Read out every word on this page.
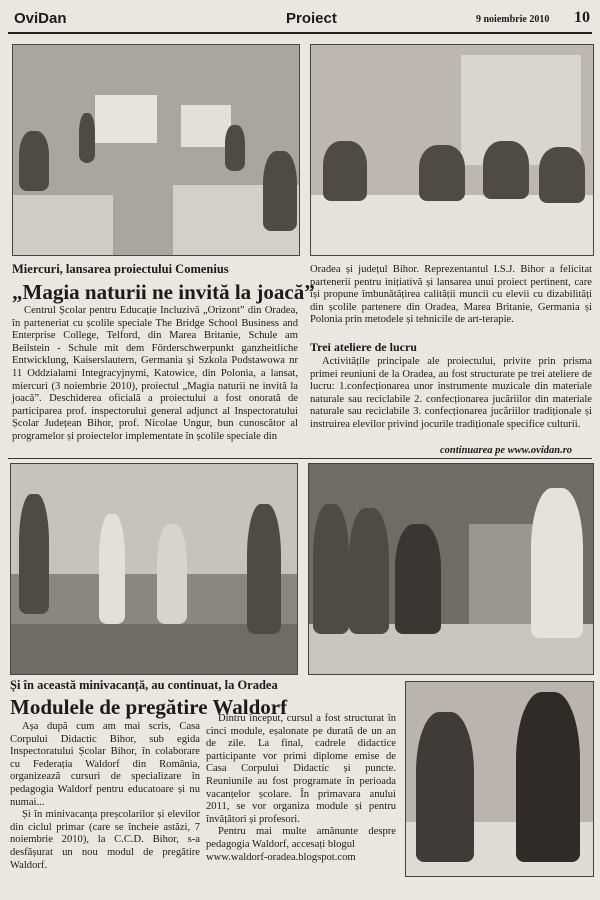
OviDan	Proiect	9 noiembrie 2010 10
Miercuri, lansarea proiectului Comenius
„Magia naturii ne invită la joacă”

Centrul Școlar pentru Educație Incluzivă „Orizont” din Oradea, în parteneriat cu școlile speciale The Bridge School Business and Enterprise College, Telford, din Marea Britanie, Schule am Beilstein - Schule mit dem Förderschwerpunkt ganzheitliche Entwicklung, Kaiserslautern, Germania și Szkola Podstawowa nr 11 Oddzialami Integracyjnymi, Katowice, din Polonia, a lansat, miercuri (3 noiembrie 2010), proiectul „Magia naturii ne invită la joacă”. Deschiderea oficială a proiectului a fost onorată de participarea prof. inspectorului general adjunct al Inspectoratului Școlar Județean Bihor, prof. Nicolae Ungur, bun cunoscător al programelor și proiectelor implementate în școlile speciale din

Oradea și județul Bihor. Reprezentantul I.S.J. Bihor a felicitat partenerii pentru inițiativă și lansarea unui proiect pertinent, care își propune îmbunătățirea calității muncii cu elevii cu dizabilități din școlile partenere din Oradea, Marea Britanie, Germania și Polonia prin metodele și tehnicile de art-terapie.

Trei ateliere de lucru

Activitățile principale ale proiectului, privite prin prisma primei reuniuni de la Oradea, au fost structurate pe trei ateliere de lucru: 1.confecționarea unor instrumente muzicale din materiale naturale sau reciclabile 2. confecționarea jucăriilor din materiale naturale sau reciclabile 3. confecționarea jucăriilor tradiționale și instruirea elevilor privind jocurile tradiționale specifice culturii.

continuarea pe www.ovidan.ro
Și în această minivacanță, au continuat, la Oradea
Modulele de pregătire Waldorf

Așa după cum am mai scris, Casa Corpului Didactic Bihor, sub egida Inspectoratului Școlar Bihor, în colaborare cu Federația Waldorf din România, organizează cursuri de specializare în pedagogia Waldorf pentru educatoare și nu numai...

Și în minivacanța preșcolarilor și elevilor din ciclul primar (care se încheie astăzi, 7 noiembrie 2010), la C.C.D. Bihor, s-a desfășurat un nou modul de pregătire Waldorf.

Dintru început, cursul a fost structurat în cinci module, eșalonate pe durată de un an de zile. La final, cadrele didactice participante vor primi diplome emise de Casa Corpului Didactic și puncte. Reuniunile au fost programate în perioada vacanțelor școlare. În primavara anului 2011, se vor organiza module și pentru învățători și profesori.

Pentru mai multe amănunte despre pedagogia Waldorf, accesați blogul

www.waldorf-oradea.blogspot.com
